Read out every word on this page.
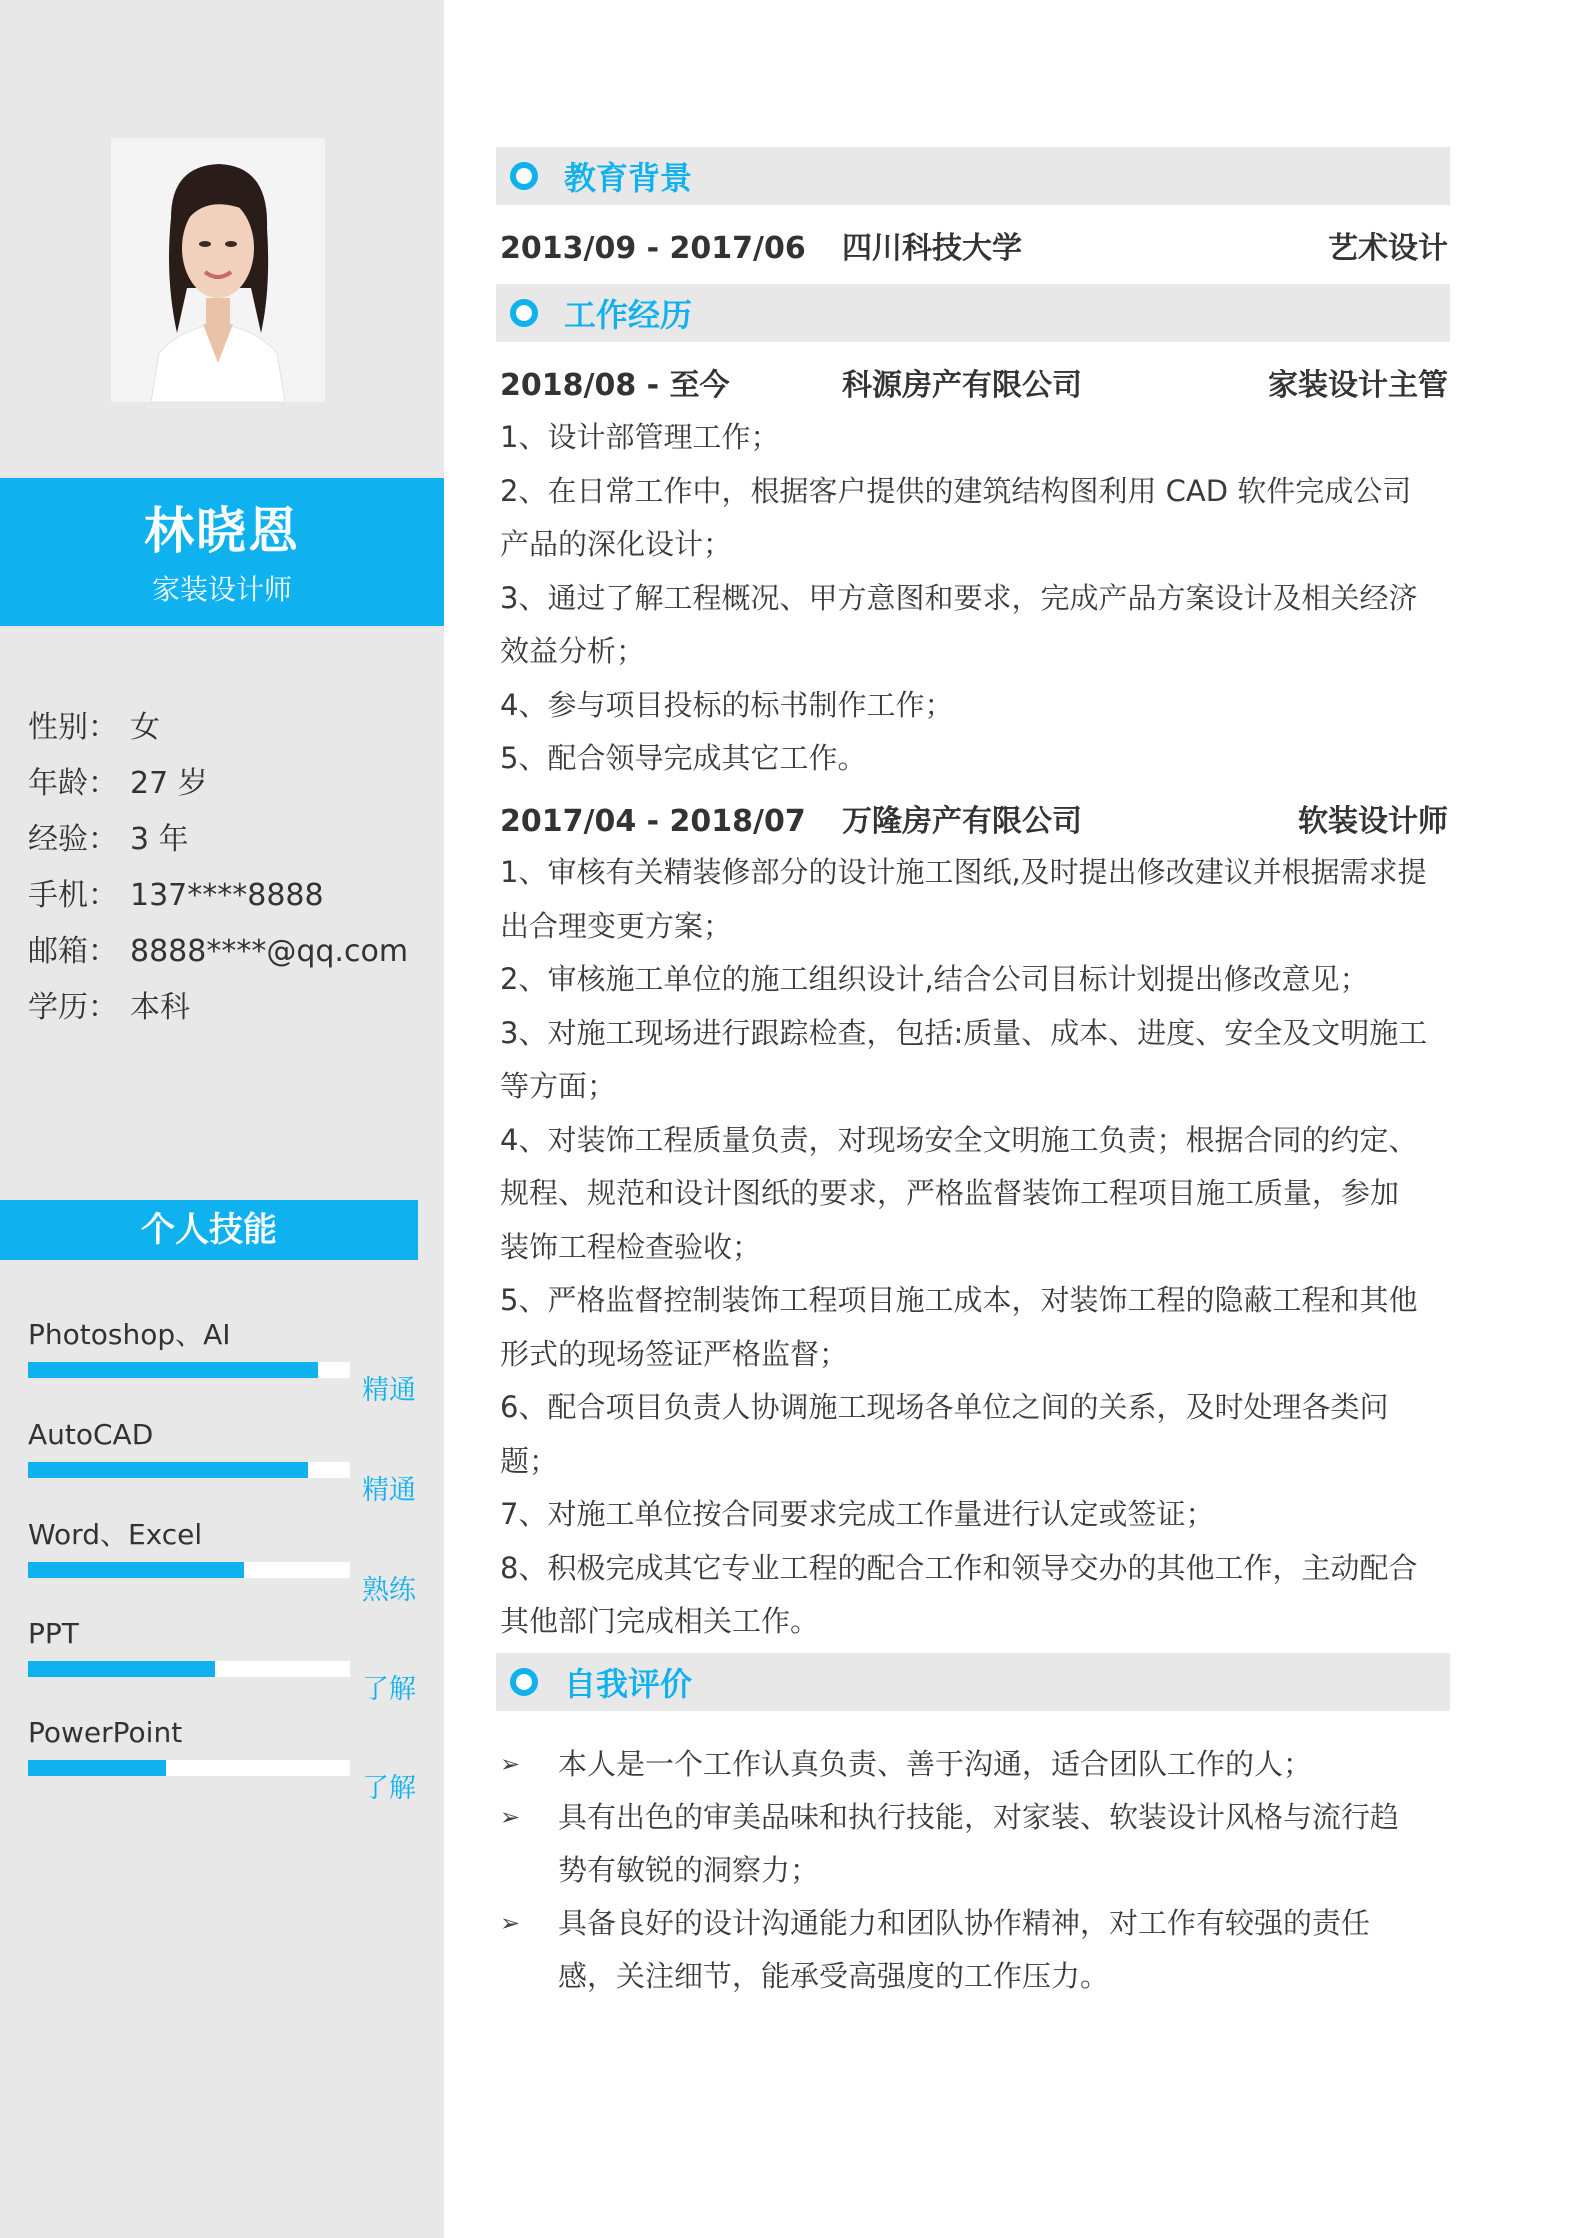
林晓恩
家装设计师
性别： 女
年龄： 27 岁
经验： 3 年
手机： 137****8888
邮箱： 8888****@qq.com
学历： 本科
个人技能
Photoshop、AI
精通
AutoCAD
精通
Word、Excel
熟练
PPT
了解
PowerPoint
了解
教育背景
2013/09 - 2017/06 四川科技大学	艺术设计
工作经历
2018/08 - 至今	科源房产有限公司	家装设计主管
1、设计部管理工作；
2、在日常工作中，根据客户提供的建筑结构图利用 CAD 软件完成公司
产品的深化设计；
3、通过了解工程概况、甲方意图和要求，完成产品方案设计及相关经济
效益分析；
4、参与项目投标的标书制作工作；
5、配合领导完成其它工作。
2017/04 - 2018/07 万隆房产有限公司	软装设计师
1、审核有关精装修部分的设计施工图纸,及时提出修改建议并根据需求提
出合理变更方案；
2、审核施工单位的施工组织设计,结合公司目标计划提出修改意见；
3、对施工现场进行跟踪检查，包括:质量、成本、进度、安全及文明施工
等方面；
4、对装饰工程质量负责，对现场安全文明施工负责；根据合同的约定、
规程、规范和设计图纸的要求，严格监督装饰工程项目施工质量，参加
装饰工程检查验收；
5、严格监督控制装饰工程项目施工成本，对装饰工程的隐蔽工程和其他
形式的现场签证严格监督；
6、配合项目负责人协调施工现场各单位之间的关系，及时处理各类问
题；
7、对施工单位按合同要求完成工作量进行认定或签证；
8、积极完成其它专业工程的配合工作和领导交办的其他工作，主动配合
其他部门完成相关工作。
自我评价
➢	本人是一个工作认真负责、善于沟通，适合团队工作的人；
➢	具有出色的审美品味和执行技能，对家装、软装设计风格与流行趋
势有敏锐的洞察力；
➢	具备良好的设计沟通能力和团队协作精神，对工作有较强的责任
感，关注细节，能承受高强度的工作压力。
